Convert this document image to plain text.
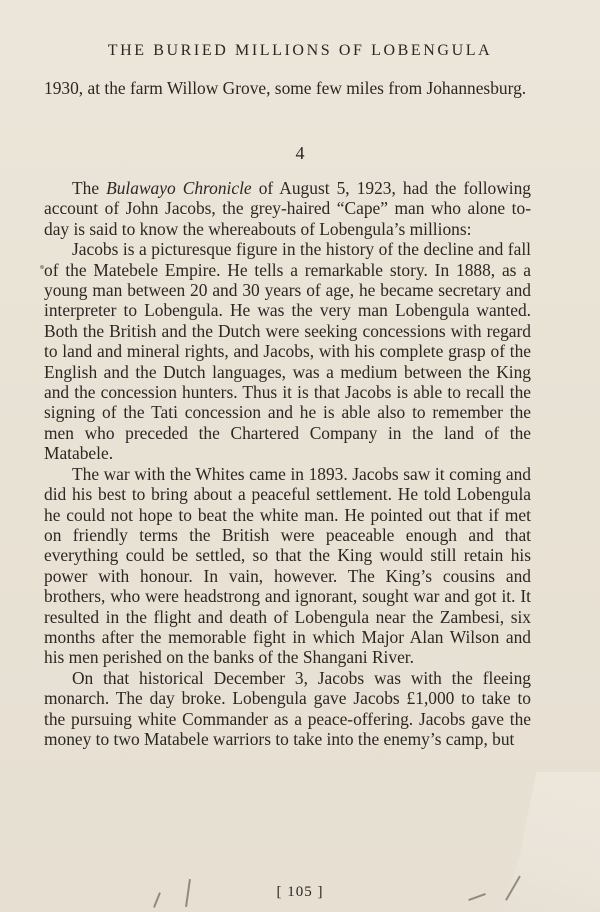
THE BURIED MILLIONS OF LOBENGULA
1930, at the farm Willow Grove, some few miles from Johannesburg.
4

The Bulawayo Chronicle of August 5, 1923, had the following account of John Jacobs, the grey-haired “Cape” man who alone to-day is said to know the whereabouts of Lobengula’s millions:

Jacobs is a picturesque figure in the history of the decline and fall of the Matebele Empire. He tells a remarkable story. In 1888, as a young man between 20 and 30 years of age, he became secretary and interpreter to Lobengula. He was the very man Lobengula wanted. Both the British and the Dutch were seeking concessions with regard to land and mineral rights, and Jacobs, with his complete grasp of the English and the Dutch languages, was a medium between the King and the concession hunters. Thus it is that Jacobs is able to recall the signing of the Tati concession and he is able also to remember the men who preceded the Chartered Company in the land of the Matabele.

The war with the Whites came in 1893. Jacobs saw it coming and did his best to bring about a peaceful settlement. He told Lobengula he could not hope to beat the white man. He pointed out that if met on friendly terms the British were peaceable enough and that everything could be settled, so that the King would still retain his power with honour. In vain, however. The King’s cousins and brothers, who were headstrong and ignorant, sought war and got it. It resulted in the flight and death of Lobengula near the Zambesi, six months after the memorable fight in which Major Alan Wilson and his men perished on the banks of the Shangani River.

On that historical December 3, Jacobs was with the fleeing monarch. The day broke. Lobengula gave Jacobs £1,000 to take to the pursuing white Commander as a peace-offering. Jacobs gave the money to two Matabele warriors to take into the enemy’s camp, but

[ 105 ]
